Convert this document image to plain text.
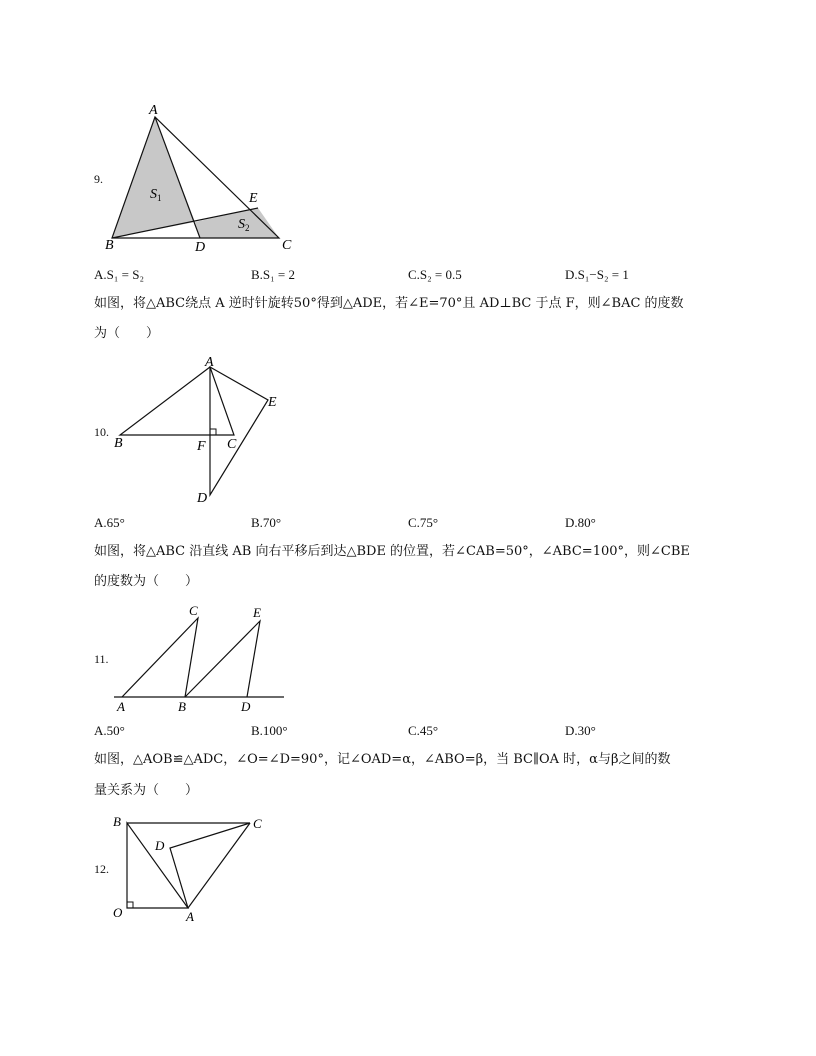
9.
A
B	C
D
E
$S_1$
$S_2$
A.S₁ = S₂	B.S₁ = 2	C.S₂ = 0.5	D.S₁−S₂ = 1
如图，将△ABC绕点 A 逆时针旋转50°得到△ADE，若∠E=70°且 AD⊥BC 于点 F，则∠BAC 的度数
为（　　）
10.
A
B	C
D
E
F
A.65°	B.70°	C.75°	D.80°
如图，将△ABC 沿直线 AB 向右平移后到达△BDE 的位置，若∠CAB=50°，∠ABC=100°，则∠CBE
的度数为（　　）
11.
A	B
C
D
E
A.50°	B.100°	C.45°	D.30°
如图，△AOB≌△ADC，∠O=∠D=90°，记∠OAD=α，∠ABO=β，当 BC∥OA 时，α与β之间的数
量关系为（　　）
12.
B	C
D
O	A
